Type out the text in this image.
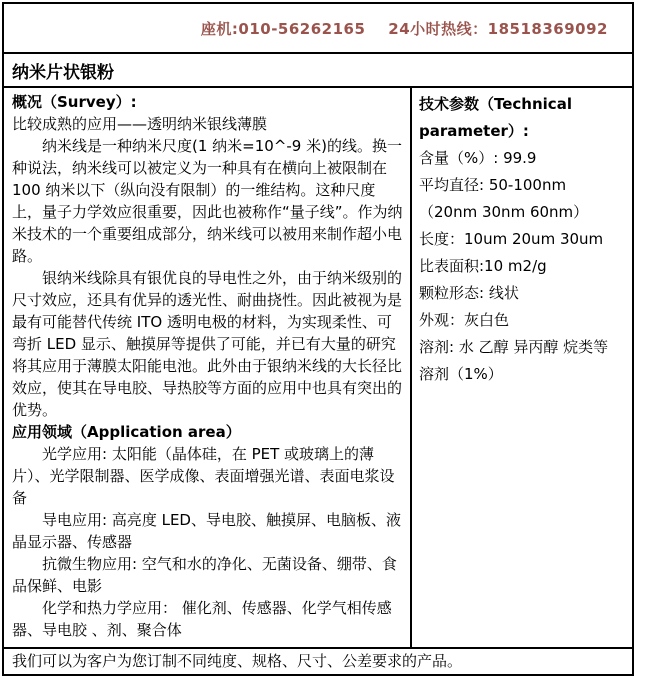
座机:010-56262165    24小时热线：18518369092
纳米片状银粉

概况（Survey）:

比较成熟的应用——透明纳米银线薄膜

纳米线是一种纳米尺度(1 纳米=10^-9 米)的线。换一种说法，纳米线可以被定义为一种具有在横向上被限制在 100 纳米以下（纵向没有限制）的一维结构。这种尺度上，量子力学效应很重要，因此也被称作“量子线”。作为纳米技术的一个重要组成部分，纳米线可以被用来制作超小电路。

银纳米线除具有银优良的导电性之外，由于纳米级别的尺寸效应，还具有优异的透光性、耐曲挠性。因此被视为是最有可能替代传统 ITO 透明电极的材料，为实现柔性、可弯折 LED 显示、触摸屏等提供了可能，并已有大量的研究将其应用于薄膜太阳能电池。此外由于银纳米线的大长径比效应，使其在导电胶、导热胶等方面的应用中也具有突出的优势。

应用领域（Application area）

光学应用: 太阳能（晶体硅，在 PET 或玻璃上的薄片）、光学限制器、医学成像、表面增强光谱、表面电浆设备

导电应用: 高亮度 LED、导电胶、触摸屏、电脑板、液晶显示器、传感器

抗微生物应用: 空气和水的净化、无菌设备、绷带、食品保鲜、电影

化学和热力学应用： 催化剂、传感器、化学气相传感器、导电胶 、剂、聚合体

技术参数（Technical parameter）:

含量（%）: 99.9

平均直径: 50-100nm

（20nm 30nm 60nm）

长度：10um 20um 30um

比表面积:10 m2/g

颗粒形态: 线状

外观：灰白色

溶剂: 水 乙醇 异丙醇 烷类等

溶剂（1%）

我们可以为客户为您订制不同纯度、规格、尺寸、公差要求的产品。
